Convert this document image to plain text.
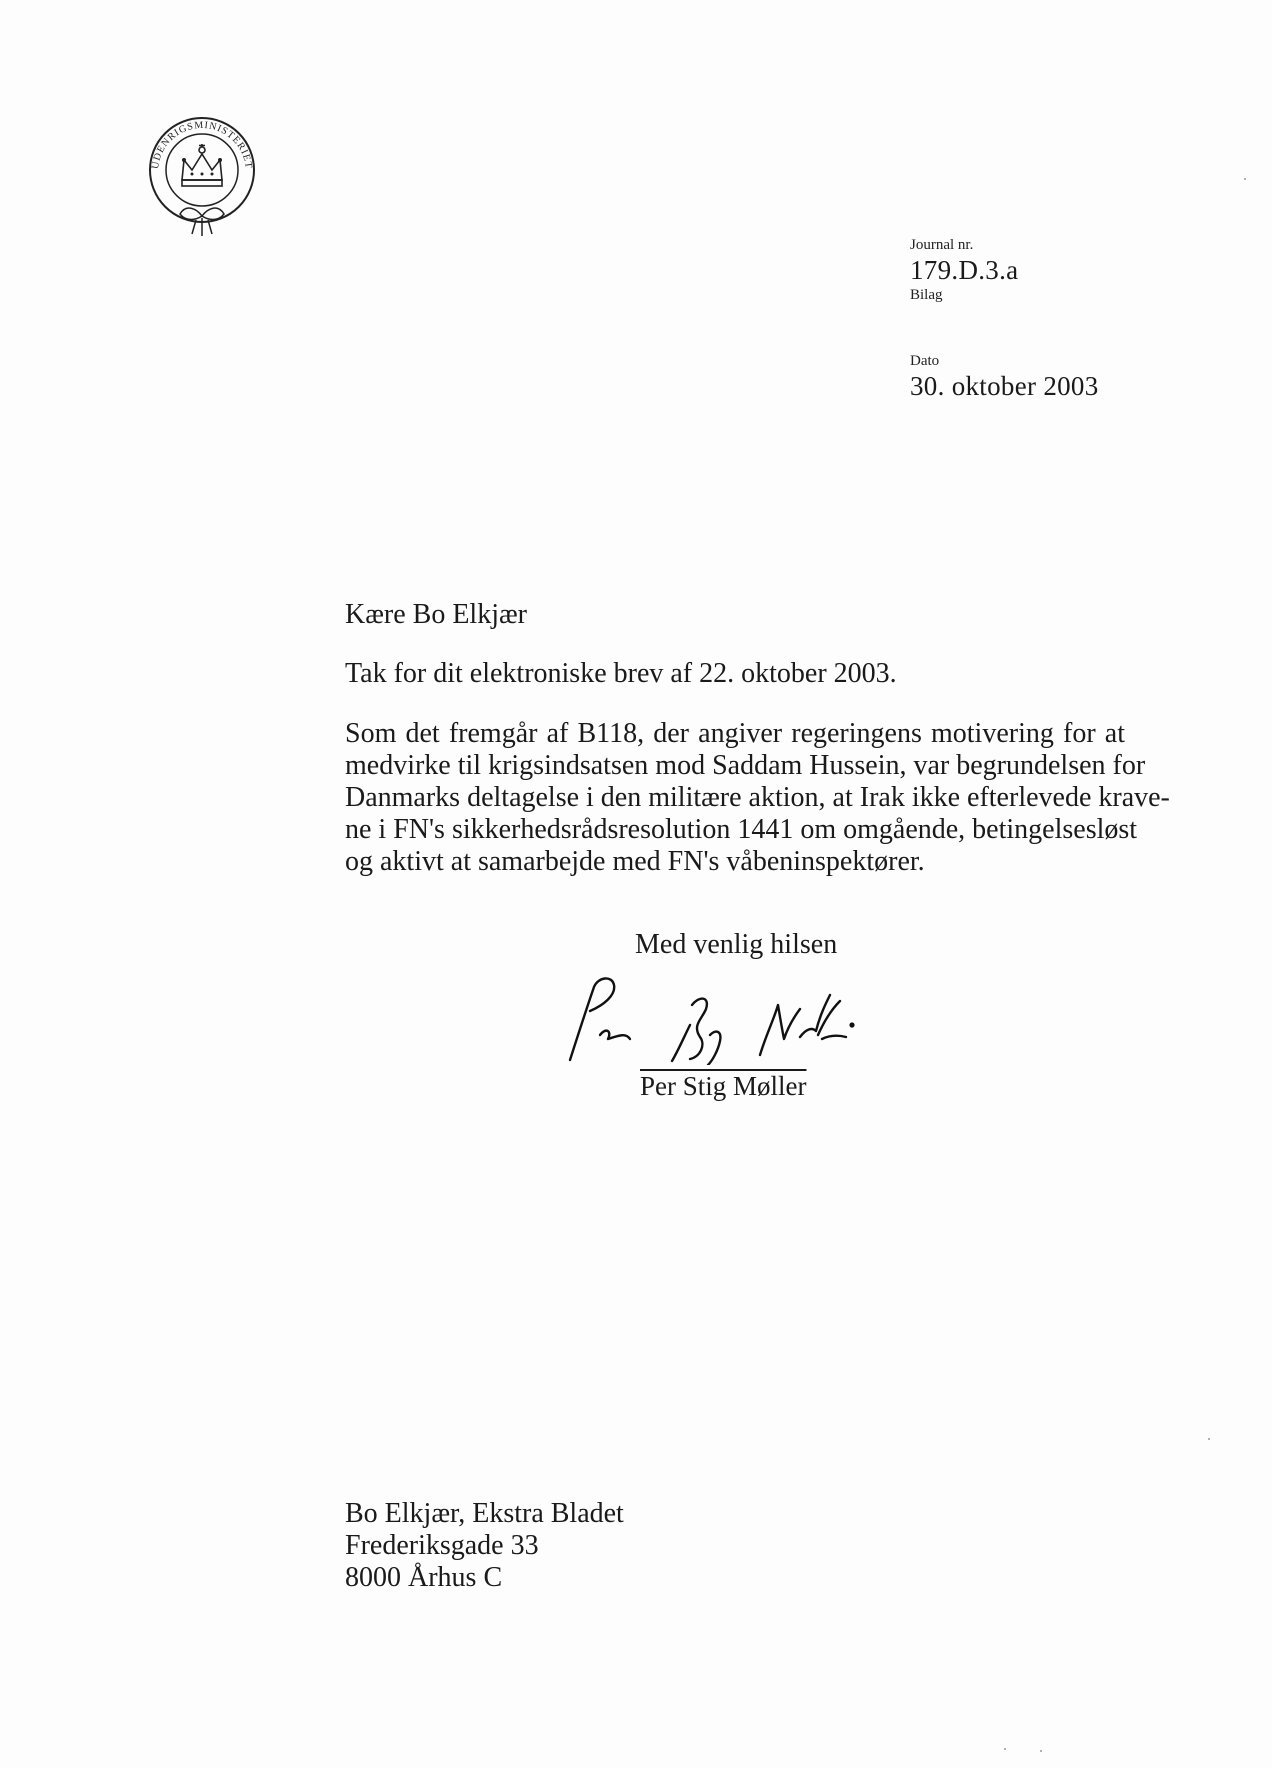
UDENRIGSMINISTERIET
Journal nr.
179.D.3.a
Bilag
Dato
30. oktober 2003
Kære Bo Elkjær
Tak for dit elektroniske brev af 22. oktober 2003.
Som det fremgår af B118, der angiver regeringens motivering for at
medvirke til krigsindsatsen mod Saddam Hussein, var begrundelsen for
Danmarks deltagelse i den militære aktion, at Irak ikke efterlevede krave-
ne i FN's sikkerhedsrådsresolution 1441 om omgående, betingelsesløst
og aktivt at samarbejde med FN's våbeninspektører.
Med venlig hilsen
Per Stig Møller
Bo Elkjær, Ekstra Bladet
Frederiksgade 33
8000 Århus C
